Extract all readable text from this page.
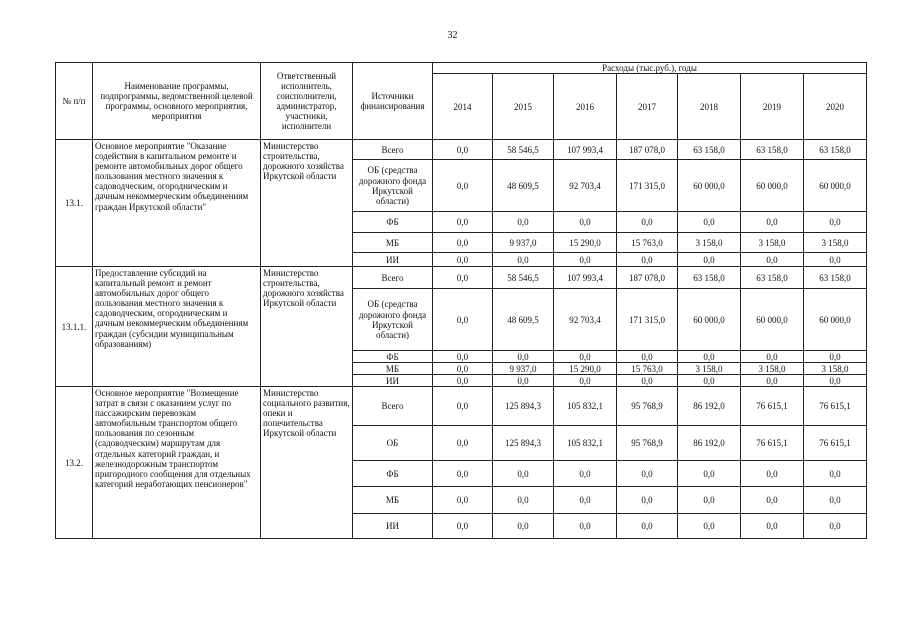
32
№ п/п	Наименование программы, подпрограммы, ведомственной целевой программы, основного мероприятия, мероприятия	Ответственный исполнитель, соисполнители, администратор, участники, исполнители	Источники финансирования	Расходы (тыс.руб.), годы						
				2014	2015	2016	2017	2018	2019	2020
13.1.	Основное мероприятие "Оказание содействия в капитальном ремонте и ремонте автомобильных дорог общего пользования местного значения к садоводческим, огородническим и дачным некоммерческим объединениям граждан Иркутской области"	Министерство строительства, дорожного хозяйства Иркутской области	Всего	0,0	58 546,5	107 993,4	187 078,0	63 158,0	63 158,0	63 158,0
			ОБ (средства дорожного фонда Иркутской области)	0,0	48 609,5	92 703,4	171 315,0	60 000,0	60 000,0	60 000,0
			ФБ	0,0	0,0	0,0	0,0	0,0	0,0	0,0
			МБ	0,0	9 937,0	15 290,0	15 763,0	3 158,0	3 158,0	3 158,0
			ИИ	0,0	0,0	0,0	0,0	0,0	0,0	0,0
13.1.1.	Предоставление субсидий на капитальный ремонт и ремонт автомобильных дорог общего пользования местного значения к садоводческим, огородническим и дачным некоммерческим объединениям граждан (субсидии муниципальным образованиям)	Министерство строительства, дорожного хозяйства Иркутской области	Всего	0,0	58 546,5	107 993,4	187 078,0	63 158,0	63 158,0	63 158,0
			ОБ (средства дорожного фонда Иркутской области)	0,0	48 609,5	92 703,4	171 315,0	60 000,0	60 000,0	60 000,0
			ФБ	0,0	0,0	0,0	0,0	0,0	0,0	0,0
			МБ	0,0	9 937,0	15 290,0	15 763,0	3 158,0	3 158,0	3 158,0
			ИИ	0,0	0,0	0,0	0,0	0,0	0,0	0,0
13.2.	Основное мероприятие "Возмещение затрат в связи с оказанием услуг по пассажирским перевозкам автомобильным транспортом общего пользования по сезонным (садоводческим) маршрутам для отдельных категорий граждан, и железнодорожным транспортом пригородного сообщения для отдельных категорий неработающих пенсионеров"	Министерство социального развития, опеки и попечительства Иркутской области	Всего	0,0	125 894,3	105 832,1	95 768,9	86 192,0	76 615,1	76 615,1
			ОБ	0,0	125 894,3	105 832,1	95 768,9	86 192,0	76 615,1	76 615,1
			ФБ	0,0	0,0	0,0	0,0	0,0	0,0	0,0
			МБ	0,0	0,0	0,0	0,0	0,0	0,0	0,0
			ИИ	0,0	0,0	0,0	0,0	0,0	0,0	0,0
